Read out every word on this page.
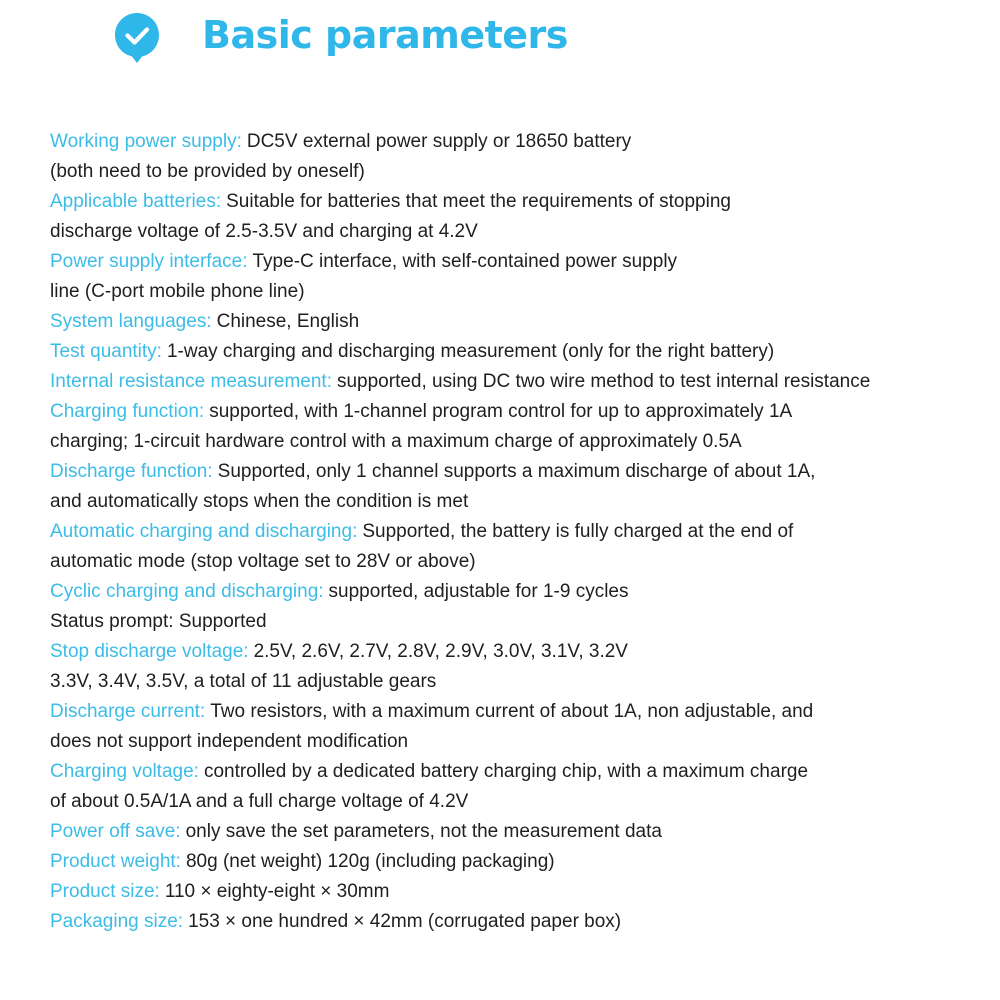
Basic parameters
Working power supply: DC5V external power supply or 18650 battery
(both need to be provided by oneself)
Applicable batteries: Suitable for batteries that meet the requirements of stopping
discharge voltage of 2.5-3.5V and charging at 4.2V
Power supply interface: Type-C interface, with self-contained power supply
line (C-port mobile phone line)
System languages: Chinese, English
Test quantity: 1-way charging and discharging measurement (only for the right battery)
Internal resistance measurement: supported, using DC two wire method to test internal resistance
Charging function: supported, with 1-channel program control for up to approximately 1A
charging; 1-circuit hardware control with a maximum charge of approximately 0.5A
Discharge function: Supported, only 1 channel supports a maximum discharge of about 1A,
and automatically stops when the condition is met
Automatic charging and discharging: Supported, the battery is fully charged at the end of
automatic mode (stop voltage set to 28V or above)
Cyclic charging and discharging: supported, adjustable for 1-9 cycles
Status prompt: Supported
Stop discharge voltage: 2.5V, 2.6V, 2.7V, 2.8V, 2.9V, 3.0V, 3.1V, 3.2V
3.3V, 3.4V, 3.5V, a total of 11 adjustable gears
Discharge current: Two resistors, with a maximum current of about 1A, non adjustable, and
does not support independent modification
Charging voltage: controlled by a dedicated battery charging chip, with a maximum charge
of about 0.5A/1A and a full charge voltage of 4.2V
Power off save: only save the set parameters, not the measurement data
Product weight: 80g (net weight) 120g (including packaging)
Product size: 110 × eighty-eight × 30mm
Packaging size: 153 × one hundred × 42mm (corrugated paper box)
